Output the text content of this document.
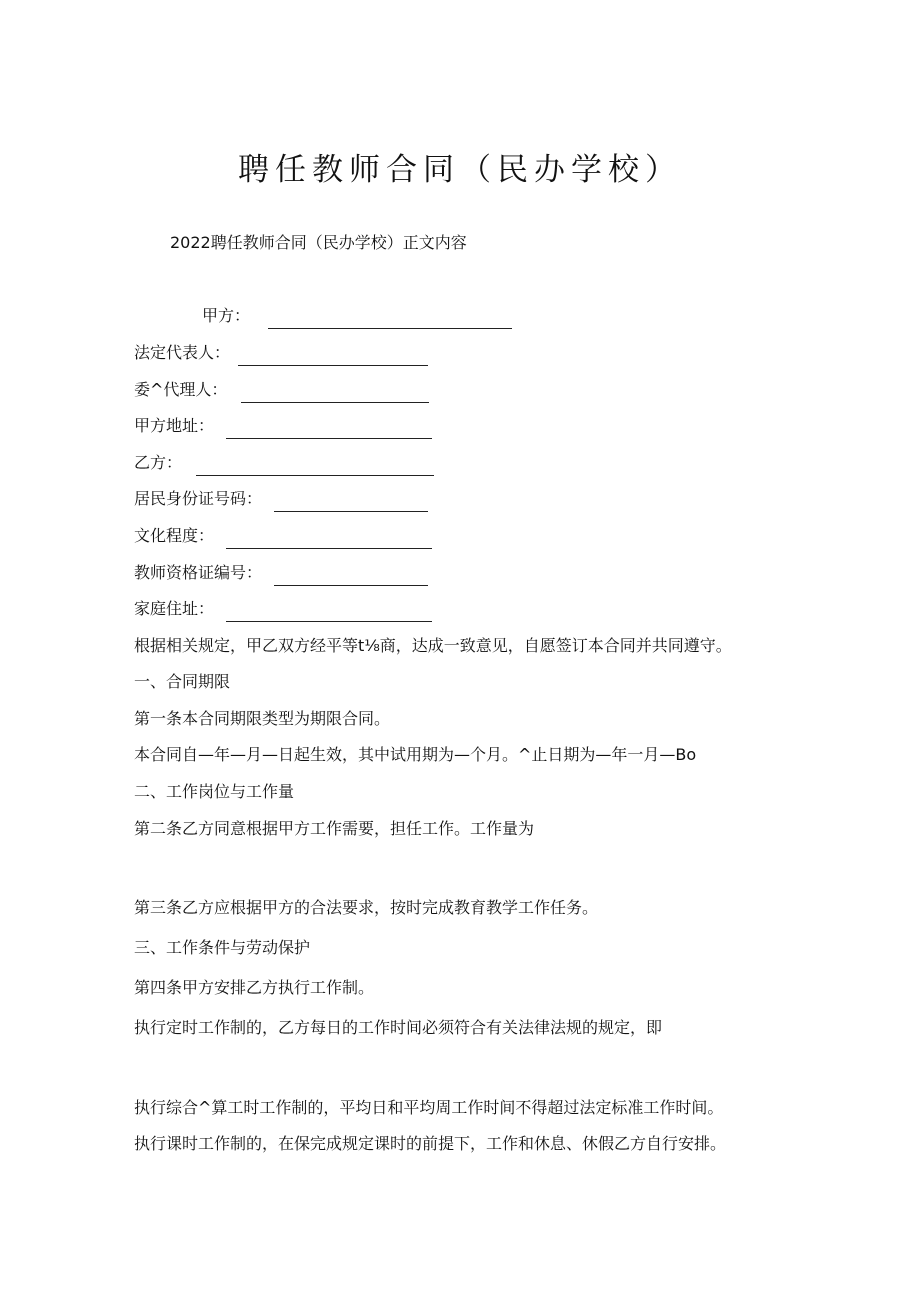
聘任教师合同（民办学校）
2022聘任教师合同（民办学校）正文内容
甲方：
法定代表人：
委^代理人：
甲方地址：
乙方：
居民身份证号码：
文化程度：
教师资格证编号：
家庭住址：
根据相关规定，甲乙双方经平等t⅛商，达成一致意见，自愿签订本合同并共同遵守。
一、合同期限
第一条本合同期限类型为期限合同。
本合同自—年—月—日起生效，其中试用期为—个月。^止日期为—年一月—Bo
二、工作岗位与工作量
第二条乙方同意根据甲方工作需要，担任工作。工作量为
第三条乙方应根据甲方的合法要求，按时完成教育教学工作任务。
三、工作条件与劳动保护
第四条甲方安排乙方执行工作制。
执行定时工作制的，乙方每日的工作时间必须符合有关法律法规的规定，即
执行综合^算工时工作制的，平均日和平均周工作时间不得超过法定标准工作时间。
执行课时工作制的，在保完成规定课时的前提下，工作和休息、休假乙方自行安排。
